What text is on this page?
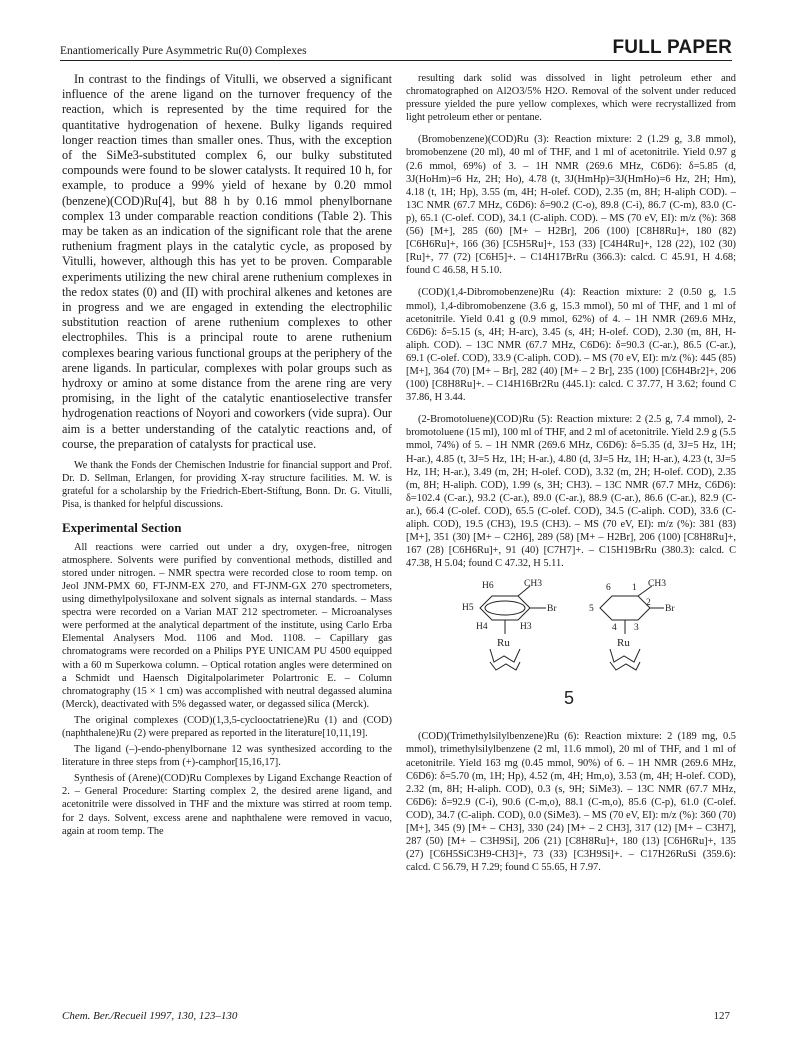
Enantiomerically Pure Asymmetric Ru(0) Complexes	FULL PAPER

In contrast to the findings of Vitulli, we observed a significant influence of the arene ligand on the turnover frequency of the reaction, which is represented by the time required for the quantitative hydrogenation of hexene. Bulky ligands required longer reaction times than smaller ones. Thus, with the exception of the SiMe3-substituted complex 6, our bulky substituted compounds were found to be slower catalysts. It required 10 h, for example, to produce a 99% yield of hexane by 0.20 mmol (benzene)(COD)Ru[4], but 88 h by 0.16 mmol phenylbornane complex 13 under comparable reaction conditions (Table 2). This may be taken as an indication of the significant role that the arene ruthenium fragment plays in the catalytic cycle, as proposed by Vitulli, however, although this has yet to be proven. Comparable experiments utilizing the new chiral arene ruthenium complexes in the redox states (0) and (II) with prochiral alkenes and ketones are in progress and we are engaged in extending the electrophilic substitution reaction of arene ruthenium complexes to other electrophiles. This is a principal route to arene ruthenium complexes bearing various functional groups at the periphery of the arene ligands. In particular, complexes with polar groups such as hydroxy or amino at some distance from the arene ring are very promising, in the light of the catalytic enantioselective transfer hydrogenation reactions of Noyori and coworkers (vide supra). Our aim is a better understanding of the catalytic reactions and, of course, the preparation of catalysts for practical use.

We thank the Fonds der Chemischen Industrie for financial support and Prof. Dr. D. Sellman, Erlangen, for providing X-ray structure facilities. M. W. is grateful for a scholarship by the Friedrich-Ebert-Stiftung, Bonn. Dr. G. Vitulli, Pisa, is thanked for helpful discussions.

Experimental Section

All reactions were carried out under a dry, oxygen-free, nitrogen atmosphere. Solvents were purified by conventional methods, distilled and stored under nitrogen. – NMR spectra were recorded close to room temp. on Jeol JNM-PMX 60, FT-JNM-EX 270, and FT-JNM-GX 270 spectrometers, using dimethylpolysiloxane and solvent signals as internal standards. – Mass spectra were recorded on a Varian MAT 212 spectrometer. – Microanalyses were performed at the analytical department of the institute, using Carlo Erba Elemental Analysers Mod. 1106 and Mod. 1108. – Capillary gas chromatograms were recorded on a Philips PYE UNICAM PU 4500 equipped with a 60 m Superkowa column. – Optical rotation angles were determined on a Schmidt und Haensch Digitalpolarimeter Polartronic E. – Column chromatography (15 × 1 cm) was accomplished with neutral degassed alumina (Merck), deactivated with 5% degassed water, or degassed silica (Merck).

The original complexes (COD)(1,3,5-cyclooctatriene)Ru (1) and (COD)(naphthalene)Ru (2) were prepared as reported in the literature[10,11,19].

The ligand (–)-endo-phenylbornane 12 was synthesized according to the literature in three steps from (+)-camphor[15,16,17].

Synthesis of (Arene)(COD)Ru Complexes by Ligand Exchange Reaction of 2. – General Procedure: Starting complex 2, the desired arene ligand, and acetonitrile were dissolved in THF and the mixture was stirred at room temp. for 2 days. Solvent, excess arene and naphthalene were removed in vacuo, again at room temp. The

resulting dark solid was dissolved in light petroleum ether and chromatographed on Al2O3/5% H2O. Removal of the solvent under reduced pressure yielded the pure yellow complexes, which were recrystallized from light petroleum ether or pentane.

(Bromobenzene)(COD)Ru (3): Reaction mixture: 2 (1.29 g, 3.8 mmol), bromobenzene (20 ml), 40 ml of THF, and 1 ml of acetonitrile. Yield 0.97 g (2.6 mmol, 69%) of 3. – 1H NMR (269.6 MHz, C6D6): δ=5.85 (d, 3J(HoHm)=6 Hz, 2H; Ho), 4.78 (t, 3J(HmHp)=3J(HmHo)=6 Hz, 2H; Hm), 4.18 (t, 1H; Hp), 3.55 (m, 4H; H-olef. COD), 2.35 (m, 8H; H-aliph COD). – 13C NMR (67.7 MHz, C6D6): δ=90.2 (C-o), 89.8 (C-i), 86.7 (C-m), 83.0 (C-p), 65.1 (C-olef. COD), 34.1 (C-aliph. COD). – MS (70 eV, EI): m/z (%): 368 (56) [M+], 285 (60) [M+ – H2Br], 206 (100) [C8H8Ru]+, 180 (82) [C6H6Ru]+, 166 (36) [C5H5Ru]+, 153 (33) [C4H4Ru]+, 128 (22), 102 (30) [Ru]+, 77 (72) [C6H5]+. – C14H17BrRu (366.3): calcd. C 45.91, H 4.68; found C 46.58, H 5.10.

(COD)(1,4-Dibromobenzene)Ru (4): Reaction mixture: 2 (0.50 g, 1.5 mmol), 1,4-dibromobenzene (3.6 g, 15.3 mmol), 50 ml of THF, and 1 ml of acetonitrile. Yield 0.41 g (0.9 mmol, 62%) of 4. – 1H NMR (269.6 MHz, C6D6): δ=5.15 (s, 4H; H-arc), 3.45 (s, 4H; H-olef. COD), 2.30 (m, 8H, H-aliph. COD). – 13C NMR (67.7 MHz, C6D6): δ=90.3 (C-ar.), 86.5 (C-ar.), 69.1 (C-olef. COD), 33.9 (C-aliph. COD). – MS (70 eV, EI): m/z (%): 445 (85) [M+], 364 (70) [M+ – Br], 282 (40) [M+ – 2 Br], 235 (100) [C6H4Br2]+, 206 (100) [C8H8Ru]+. – C14H16Br2Ru (445.1): calcd. C 37.77, H 3.62; found C 37.86, H 3.44.

(2-Bromotoluene)(COD)Ru (5): Reaction mixture: 2 (2.5 g, 7.4 mmol), 2-bromotoluene (15 ml), 100 ml of THF, and 2 ml of acetonitrile. Yield 2.9 g (5.5 mmol, 74%) of 5. – 1H NMR (269.6 MHz, C6D6): δ=5.35 (d, 3J=5 Hz, 1H; H-ar.), 4.85 (t, 3J=5 Hz, 1H; H-ar.), 4.80 (d, 3J=5 Hz, 1H; H-ar.), 4.23 (t, 3J=5 Hz, 1H; H-ar.), 3.49 (m, 2H; H-olef. COD), 3.32 (m, 2H; H-olef. COD), 2.35 (m, 8H; H-aliph. COD), 1.99 (s, 3H; CH3). – 13C NMR (67.7 MHz, C6D6): δ=102.4 (C-ar.), 93.2 (C-ar.), 89.0 (C-ar.), 88.9 (C-ar.), 86.6 (C-ar.), 82.9 (C-ar.), 66.4 (C-olef. COD), 65.5 (C-olef. COD), 34.5 (C-aliph. COD), 33.6 (C-aliph. COD), 19.5 (CH3), 19.5 (CH3). – MS (70 eV, EI): m/z (%): 381 (83) [M+], 351 (30) [M+ – C2H6], 289 (58) [M+ – H2Br], 206 (100) [C8H8Ru]+, 167 (28) [C6H6Ru]+, 91 (40) [C7H7]+. – C15H19BrRu (380.3): calcd. C 47.38, H 5.04; found C 47.32, H 5.11.

H6	CH3
H5	Br
H4	H3
Ru
6 1 CH3
5
2
Br
4 3
Ru
5

(COD)(Trimethylsilylbenzene)Ru (6): Reaction mixture: 2 (189 mg, 0.5 mmol), trimethylsilylbenzene (2 ml, 11.6 mmol), 20 ml of THF, and 1 ml of acetonitrile. Yield 163 mg (0.45 mmol, 90%) of 6. – 1H NMR (269.6 MHz, C6D6): δ=5.70 (m, 1H; Hp), 4.52 (m, 4H; Hm,o), 3.53 (m, 4H; H-olef. COD), 2.32 (m, 8H; H-aliph. COD), 0.3 (s, 9H; SiMe3). – 13C NMR (67.7 MHz, C6D6): δ=92.9 (C-i), 90.6 (C-m,o), 88.1 (C-m,o), 85.6 (C-p), 61.0 (C-olef. COD), 34.7 (C-aliph. COD), 0.0 (SiMe3). – MS (70 eV, EI): m/z (%): 360 (70) [M+], 345 (9) [M+ – CH3], 330 (24) [M+ – 2 CH3], 317 (12) [M+ – C3H7], 287 (50) [M+ – C3H9Si], 206 (21) [C8H8Ru]+, 180 (13) [C6H6Ru]+, 135 (27) [C6H5SiC3H9-CH3]+, 73 (33) [C3H9Si]+. – C17H26RuSi (359.6): calcd. C 56.79, H 7.29; found C 55.65, H 7.97.

Chem. Ber./Recueil 1997, 130, 123–130	127
